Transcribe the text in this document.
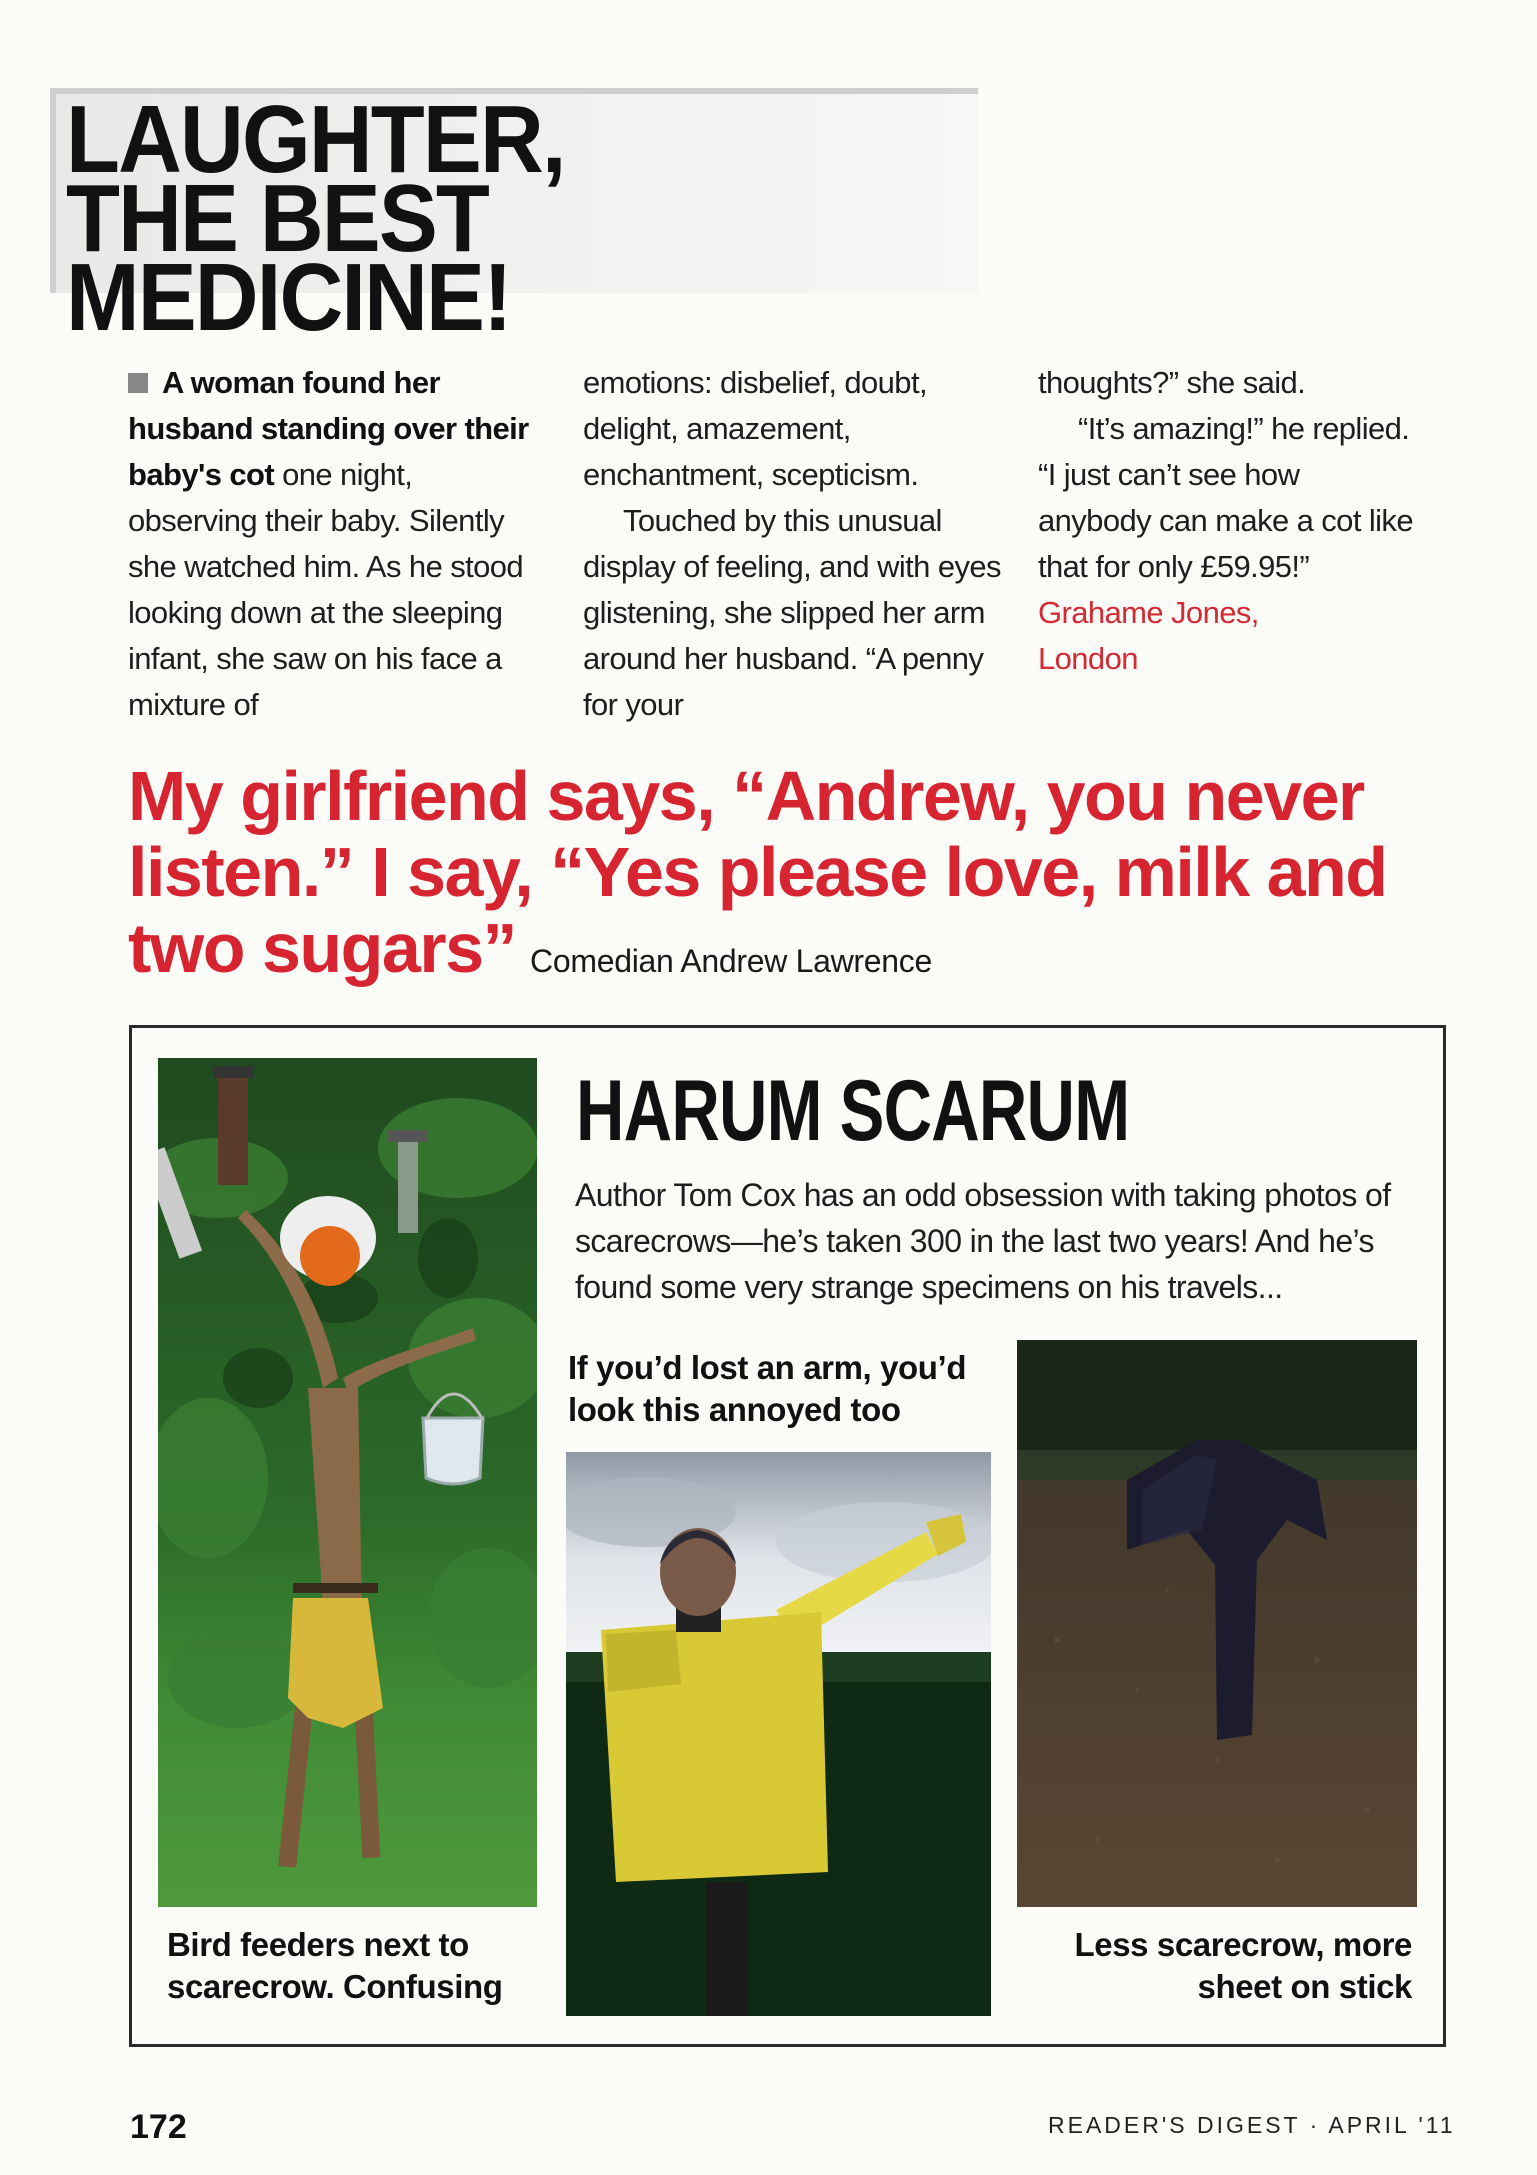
LAUGHTER,
THE BEST MEDICINE!
A woman found her husband standing over their baby's cot one night, observing their baby. Silently she watched him. As he stood looking down at the sleeping infant, she saw on his face a mixture of
emotions: disbelief, doubt, delight, amazement, enchantment, scepticism.
Touched by this unusual display of feeling, and with eyes glistening, she slipped her arm around her husband. “A penny for your
thoughts?” she said.
“It’s amazing!” he replied. “I just can’t see how anybody can make a cot like that for only £59.95!”
Grahame Jones,
London
My girlfriend says, “Andrew, you never listen.” I say, “Yes please love, milk and two sugars” Comedian Andrew Lawrence
HARUM SCARUM
Author Tom Cox has an odd obsession with taking photos of scarecrows—he’s taken 300 in the last two years! And he’s found some very strange specimens on his travels...
Bird feeders next to scarecrow. Confusing
If you’d lost an arm, you’d look this annoyed too
Less scarecrow, more sheet on stick
172	READER'S DIGEST · APRIL '11
